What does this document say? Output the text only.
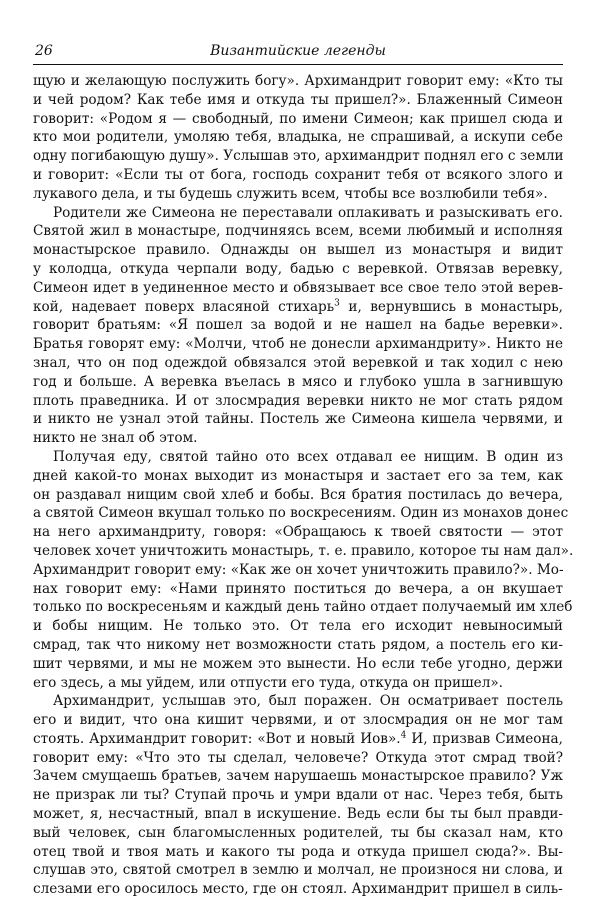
26	Византийские легенды
щую и желающую послужить богу». Архимандрит говорит ему: «Кто ты
и чей родом? Как тебе имя и откуда ты пришел?». Блаженный Симеон
говорит: «Родом я — свободный, по имени Симеон; как пришел сюда и
кто мои родители, умоляю тебя, владыка, не спрашивай, а искупи себе
одну погибающую душу». Услышав это, архимандрит поднял его с земли
и говорит: «Если ты от бога, господь сохранит тебя от всякого злого и
лукавого дела, и ты будешь служить всем, чтобы все возлюбили тебя».
Родители же Симеона не переставали оплакивать и разыскивать его.
Святой жил в монастыре, подчиняясь всем, всеми любимый и исполняя
монастырское правило. Однажды он вышел из монастыря и видит
у колодца, откуда черпали воду, бадью с веревкой. Отвязав веревку,
Симеон идет в уединенное место и обвязывает все свое тело этой верев-
кой, надевает поверх власяной стихарь$^3$ и, вернувшись в монастырь,
говорит братьям: «Я пошел за водой и не нашел на бадье веревки».
Братья говорят ему: «Молчи, чтоб не донесли архимандриту». Никто не
знал, что он под одеждой обвязался этой веревкой и так ходил с нею
год и больше. А веревка въелась в мясо и глубоко ушла в загнившую
плоть праведника. И от злосмрадия веревки никто не мог стать рядом
и никто не узнал этой тайны. Постель же Симеона кишела червями, и
никто не знал об этом.
Получая еду, святой тайно ото всех отдавал ее нищим. В один из
дней какой-то монах выходит из монастыря и застает его за тем, как
он раздавал нищим свой хлеб и бобы. Вся братия постилась до вечера,
а святой Симеон вкушал только по воскресениям. Один из монахов донес
на него архимандриту, говоря: «Обращаюсь к твоей святости — этот
человек хочет уничтожить монастырь, т. е. правило, которое ты нам дал».
Архимандрит говорит ему: «Как же он хочет уничтожить правило?». Мо-
нах говорит ему: «Нами принято поститься до вечера, а он вкушает
только по воскресеньям и каждый день тайно отдает получаемый им хлеб
и бобы нищим. Не только это. От тела его исходит невыносимый
смрад, так что никому нет возможности стать рядом, а постель его ки-
шит червями, и мы не можем это вынести. Но если тебе угодно, держи
его здесь, а мы уйдем, или отпусти его туда, откуда он пришел».
Архимандрит, услышав это, был поражен. Он осматривает постель
его и видит, что она кишит червями, и от злосмрадия он не мог там
стоять. Архимандрит говорит: «Вот и новый Иов».$^4$ И, призвав Симеона,
говорит ему: «Что это ты сделал, человече? Откуда этот смрад твой?
Зачем смущаешь братьев, зачем нарушаешь монастырское правило? Уж
не призрак ли ты? Ступай прочь и умри вдали от нас. Через тебя, быть
может, я, несчастный, впал в искушение. Ведь если бы ты был правди-
вый человек, сын благомысленных родителей, ты бы сказал нам, кто
отец твой и твоя мать и какого ты рода и откуда пришел сюда?». Вы-
слушав это, святой смотрел в землю и молчал, не произнося ни слова, и
слезами его оросилось место, где он стоял. Архимандрит пришел в силь-
